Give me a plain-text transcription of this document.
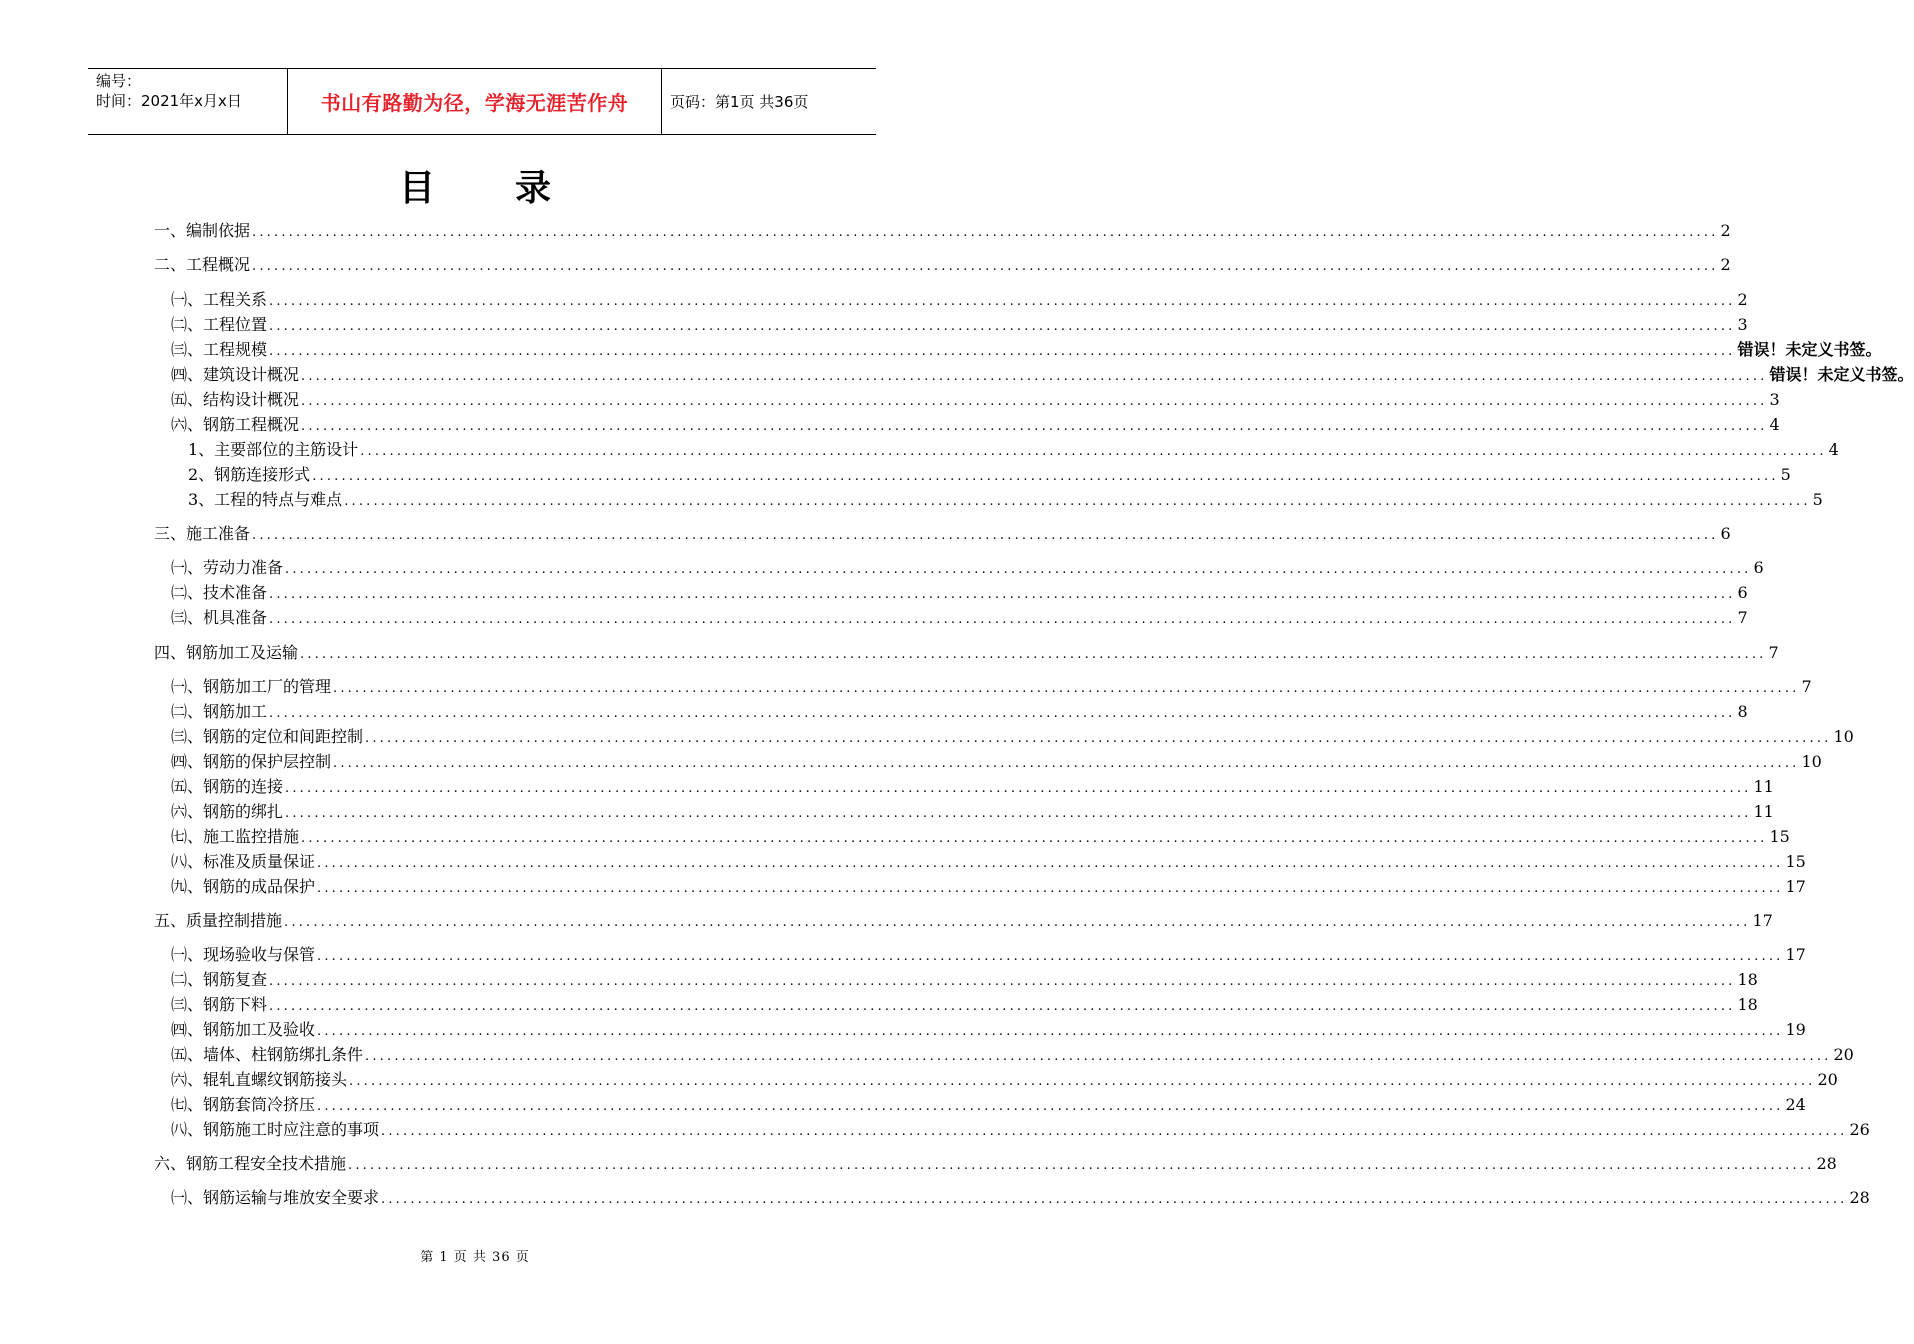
编号：
时间：2021年x月x日	书山有路勤为径，学海无涯苦作舟	页码：第1页 共36页
目录
一、编制依据 ........................................................................................................................................................................................................ 2
二、工程概况 ........................................................................................................................................................................................................ 2
㈠、工程关系 ........................................................................................................................................................................................................ 2
㈡、工程位置 ........................................................................................................................................................................................................ 3
㈢、工程规模 ........................................................................................................................................................................................................ 错误！未定义书签。
㈣、建筑设计概况 ........................................................................................................................................................................................................ 错误！未定义书签。
㈤、结构设计概况 ........................................................................................................................................................................................................ 3
㈥、钢筋工程概况 ........................................................................................................................................................................................................ 4
1、主要部位的主筋设计 ........................................................................................................................................................................................................ 4
2、钢筋连接形式 ........................................................................................................................................................................................................ 5
3、工程的特点与难点 ........................................................................................................................................................................................................ 5
三、施工准备 ........................................................................................................................................................................................................ 6
㈠、劳动力准备 ........................................................................................................................................................................................................ 6
㈡、技术准备 ........................................................................................................................................................................................................ 6
㈢、机具准备 ........................................................................................................................................................................................................ 7
四、钢筋加工及运输 ........................................................................................................................................................................................................ 7
㈠、钢筋加工厂的管理 ........................................................................................................................................................................................................ 7
㈡、钢筋加工 ........................................................................................................................................................................................................ 8
㈢、钢筋的定位和间距控制 ........................................................................................................................................................................................................ 10
㈣、钢筋的保护层控制 ........................................................................................................................................................................................................ 10
㈤、钢筋的连接 ........................................................................................................................................................................................................ 11
㈥、钢筋的绑扎 ........................................................................................................................................................................................................ 11
㈦、施工监控措施 ........................................................................................................................................................................................................ 15
㈧、标准及质量保证 ........................................................................................................................................................................................................ 15
㈨、钢筋的成品保护 ........................................................................................................................................................................................................ 17
五、质量控制措施 ........................................................................................................................................................................................................ 17
㈠、现场验收与保管 ........................................................................................................................................................................................................ 17
㈡、钢筋复查 ........................................................................................................................................................................................................ 18
㈢、钢筋下料 ........................................................................................................................................................................................................ 18
㈣、钢筋加工及验收 ........................................................................................................................................................................................................ 19
㈤、墙体、柱钢筋绑扎条件 ........................................................................................................................................................................................................ 20
㈥、辊轧直螺纹钢筋接头 ........................................................................................................................................................................................................ 20
㈦、钢筋套筒冷挤压 ........................................................................................................................................................................................................ 24
㈧、钢筋施工时应注意的事项 ........................................................................................................................................................................................................ 26
六、钢筋工程安全技术措施 ........................................................................................................................................................................................................ 28
㈠、钢筋运输与堆放安全要求 ........................................................................................................................................................................................................ 28
第 1 页 共 36 页
